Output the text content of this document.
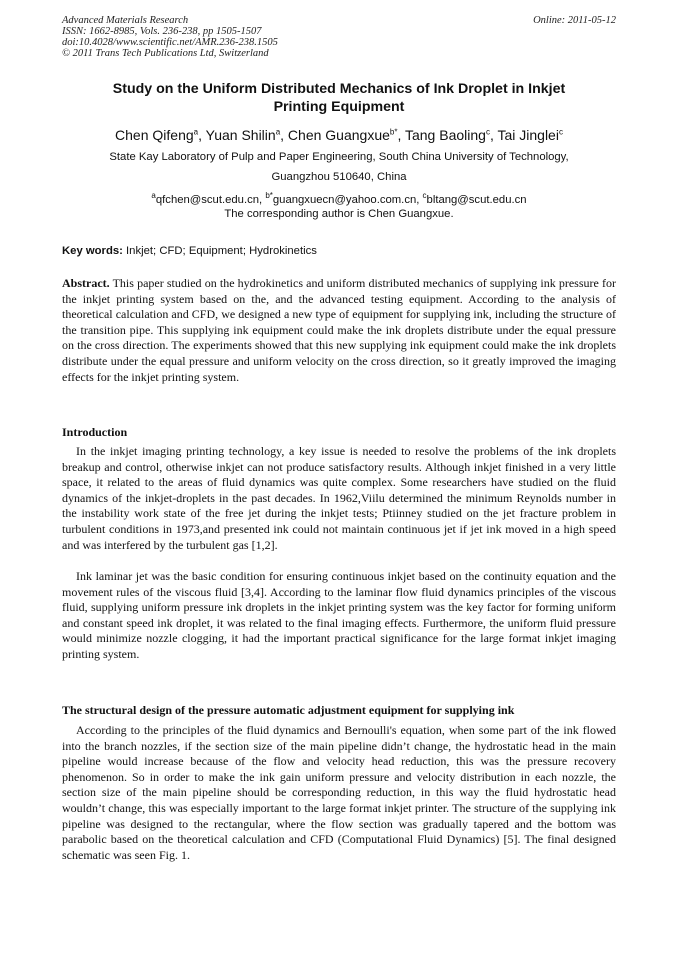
Advanced Materials Research
ISSN: 1662-8985, Vols. 236-238, pp 1505-1507
doi:10.4028/www.scientific.net/AMR.236-238.1505
© 2011 Trans Tech Publications Ltd, Switzerland
Online: 2011-05-12
Study on the Uniform Distributed Mechanics of Ink Droplet in Inkjet
Printing Equipment
Chen Qifeng$^a$, Yuan Shilin$^a$, Chen Guangxue$^{b*}$, Tang Baoling$^c$, Tai Jinglei$^c$
State Kay Laboratory of Pulp and Paper Engineering, South China University of Technology,
Guangzhou 510640, China
$^a$qfchen@scut.edu.cn, $^{b*}$guangxuecn@yahoo.com.cn, $^c$bltang@scut.edu.cn
The corresponding author is Chen Guangxue.
Key words: Inkjet; CFD; Equipment; Hydrokinetics
Abstract. This paper studied on the hydrokinetics and uniform distributed mechanics of supplying ink pressure for the inkjet printing system based on the, and the advanced testing equipment. According to the analysis of theoretical calculation and CFD, we designed a new type of equipment for supplying ink, including the structure of the transition pipe. This supplying ink equipment could make the ink droplets distribute under the equal pressure on the cross direction. The experiments showed that this new supplying ink equipment could make the ink droplets distribute under the equal pressure and uniform velocity on the cross direction, so it greatly improved the imaging effects for the inkjet printing system.
Introduction
In the inkjet imaging printing technology, a key issue is needed to resolve the problems of the ink droplets breakup and control, otherwise inkjet can not produce satisfactory results. Although inkjet finished in a very little space, it related to the areas of fluid dynamics was quite complex. Some researchers have studied on the fluid dynamics of the inkjet-droplets in the past decades. In 1962,Viilu determined the minimum Reynolds number in the instability work state of the free jet during the inkjet tests; Ptiinney studied on the jet fracture problem in turbulent conditions in 1973,and presented ink could not maintain continuous jet if jet ink moved in a high speed and was interfered by the turbulent gas [1,2].
Ink laminar jet was the basic condition for ensuring continuous inkjet based on the continuity equation and the movement rules of the viscous fluid [3,4]. According to the laminar flow fluid dynamics principles of the viscous fluid, supplying uniform pressure ink droplets in the inkjet printing system was the key factor for forming uniform and constant speed ink droplet, it was related to the final imaging effects. Furthermore, the uniform fluid pressure would minimize nozzle clogging, it had the important practical significance for the large format inkjet imaging printing system.
The structural design of the pressure automatic adjustment equipment for supplying ink
According to the principles of the fluid dynamics and Bernoulli's equation, when some part of the ink flowed into the branch nozzles, if the section size of the main pipeline didn’t change, the hydrostatic head in the main pipeline would increase because of the flow and velocity head reduction, this was the pressure recovery phenomenon. So in order to make the ink gain uniform pressure and velocity distribution in each nozzle, the section size of the main pipeline should be corresponding reduction, in this way the fluid hydrostatic head wouldn’t change, this was especially important to the large format inkjet printer. The structure of the supplying ink pipeline was designed to the rectangular, where the flow section was gradually tapered and the bottom was parabolic based on the theoretical calculation and CFD (Computational Fluid Dynamics) [5]. The final designed schematic was seen Fig. 1.
